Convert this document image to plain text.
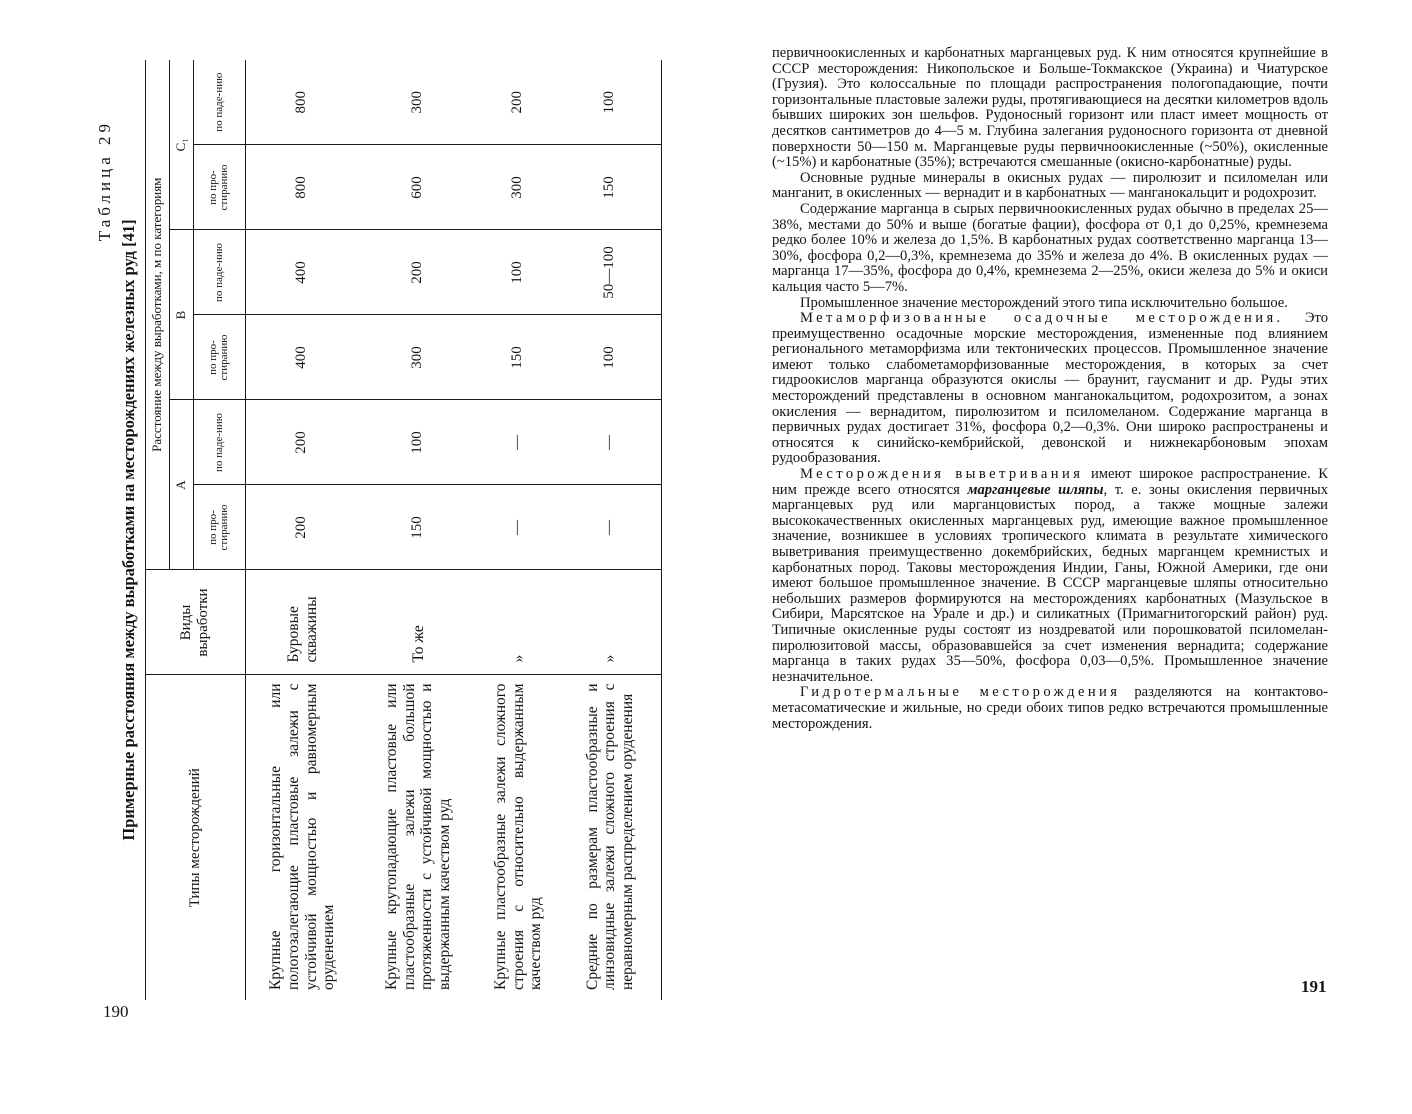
Таблица 29
Примерные расстояния между выработками на месторождениях железных руд [41]	Типы месторождений	Виды выработки	Расстояние между выработками, м по категориям					
		А		В		C₁	
		по про-стиранию	по паде-нию	по про-стиранию	по паде-нию	по про-стиранию	по паде-нию
Крупные горизонтальные или пологозалегающие пластовые залежи с устойчивой мощностью и равномерным оруденением	Буровые скважины	200	200	400	400	800	800
Крупные крутопадающие пластовые или пластообразные залежи большой протяженности с устойчивой мощностью и выдержанным качеством руд	То же	150	100	300	200	600	300
Крупные пластообразные залежи сложного строения с относительно выдержанным качеством руд	»	—	—	150	100	300	200
Средние по размерам пластообразные и линзовидные залежи сложного строения с неравномерным распределением оруденения	»	—	—	100	50—100	150	100
190

первичноокисленных и карбонатных марганцевых руд. К ним относятся крупнейшие в СССР месторождения: Никопольское и Больше-Токмакское (Украина) и Чиатурское (Грузия). Это колоссальные по площади распространения пологопадающие, почти горизонтальные пластовые залежи руды, протягивающиеся на десятки километров вдоль бывших широких зон шельфов. Рудоносный горизонт или пласт имеет мощность от десятков сантиметров до 4—5 м. Глубина залегания рудоносного горизонта от дневной поверхности 50—150 м. Марганцевые руды первичноокисленные (~50%), окисленные (~15%) и карбонатные (35%); встречаются смешанные (окисно-карбонатные) руды.

Основные рудные минералы в окисных рудах — пиролюзит и псиломелан или манганит, в окисленных — вернадит и в карбонатных — манганокальцит и родохрозит.

Содержание марганца в сырых первичноокисленных рудах обычно в пределах 25—38%, местами до 50% и выше (богатые фации), фосфора от 0,1 до 0,25%, кремнезема редко более 10% и железа до 1,5%. В карбонатных рудах соответственно марганца 13—30%, фосфора 0,2—0,3%, кремнезема до 35% и железа до 4%. В окисленных рудах — марганца 17—35%, фосфора до 0,4%, кремнезема 2—25%, окиси железа до 5% и окиси кальция часто 5—7%.

Промышленное значение месторождений этого типа исключительно большое.

Метаморфизованные осадочные месторождения. Это преимущественно осадочные морские месторождения, измененные под влиянием регионального метаморфизма или тектонических процессов. Промышленное значение имеют только слабометаморфизованные месторождения, в которых за счет гидроокислов марганца образуются окислы — браунит, гаусманит и др. Руды этих месторождений представлены в основном манганокальцитом, родохрозитом, а зонах окисления — вернадитом, пиролюзитом и псиломеланом. Содержание марганца в первичных рудах достигает 31%, фосфора 0,2—0,3%. Они широко распространены и относятся к синийско-кембрийской, девонской и нижнекарбоновым эпохам рудообразования.

Месторождения выветривания имеют широкое распространение. К ним прежде всего относятся марганцевые шляпы, т. е. зоны окисления первичных марганцевых руд или марганцовистых пород, а также мощные залежи высококачественных окисленных марганцевых руд, имеющие важное промышленное значение, возникшее в условиях тропического климата в результате химического выветривания преимущественно докембрийских, бедных марганцем кремнистых и карбонатных пород. Таковы месторождения Индии, Ганы, Южной Америки, где они имеют большое промышленное значение. В СССР марганцевые шляпы относительно небольших размеров формируются на месторождениях карбонатных (Мазульское в Сибири, Марсятское на Урале и др.) и силикатных (Примагнитогорский район) руд. Типичные окисленные руды состоят из ноздреватой или порошковатой псиломелан-пиролюзитовой массы, образовавшейся за счет изменения вернадита; содержание марганца в таких рудах 35—50%, фосфора 0,03—0,5%. Промышленное значение незначительное.

Гидротермальные месторождения разделяются на контактово-метасоматические и жильные, но среди обоих типов редко встречаются промышленные месторождения.

191
